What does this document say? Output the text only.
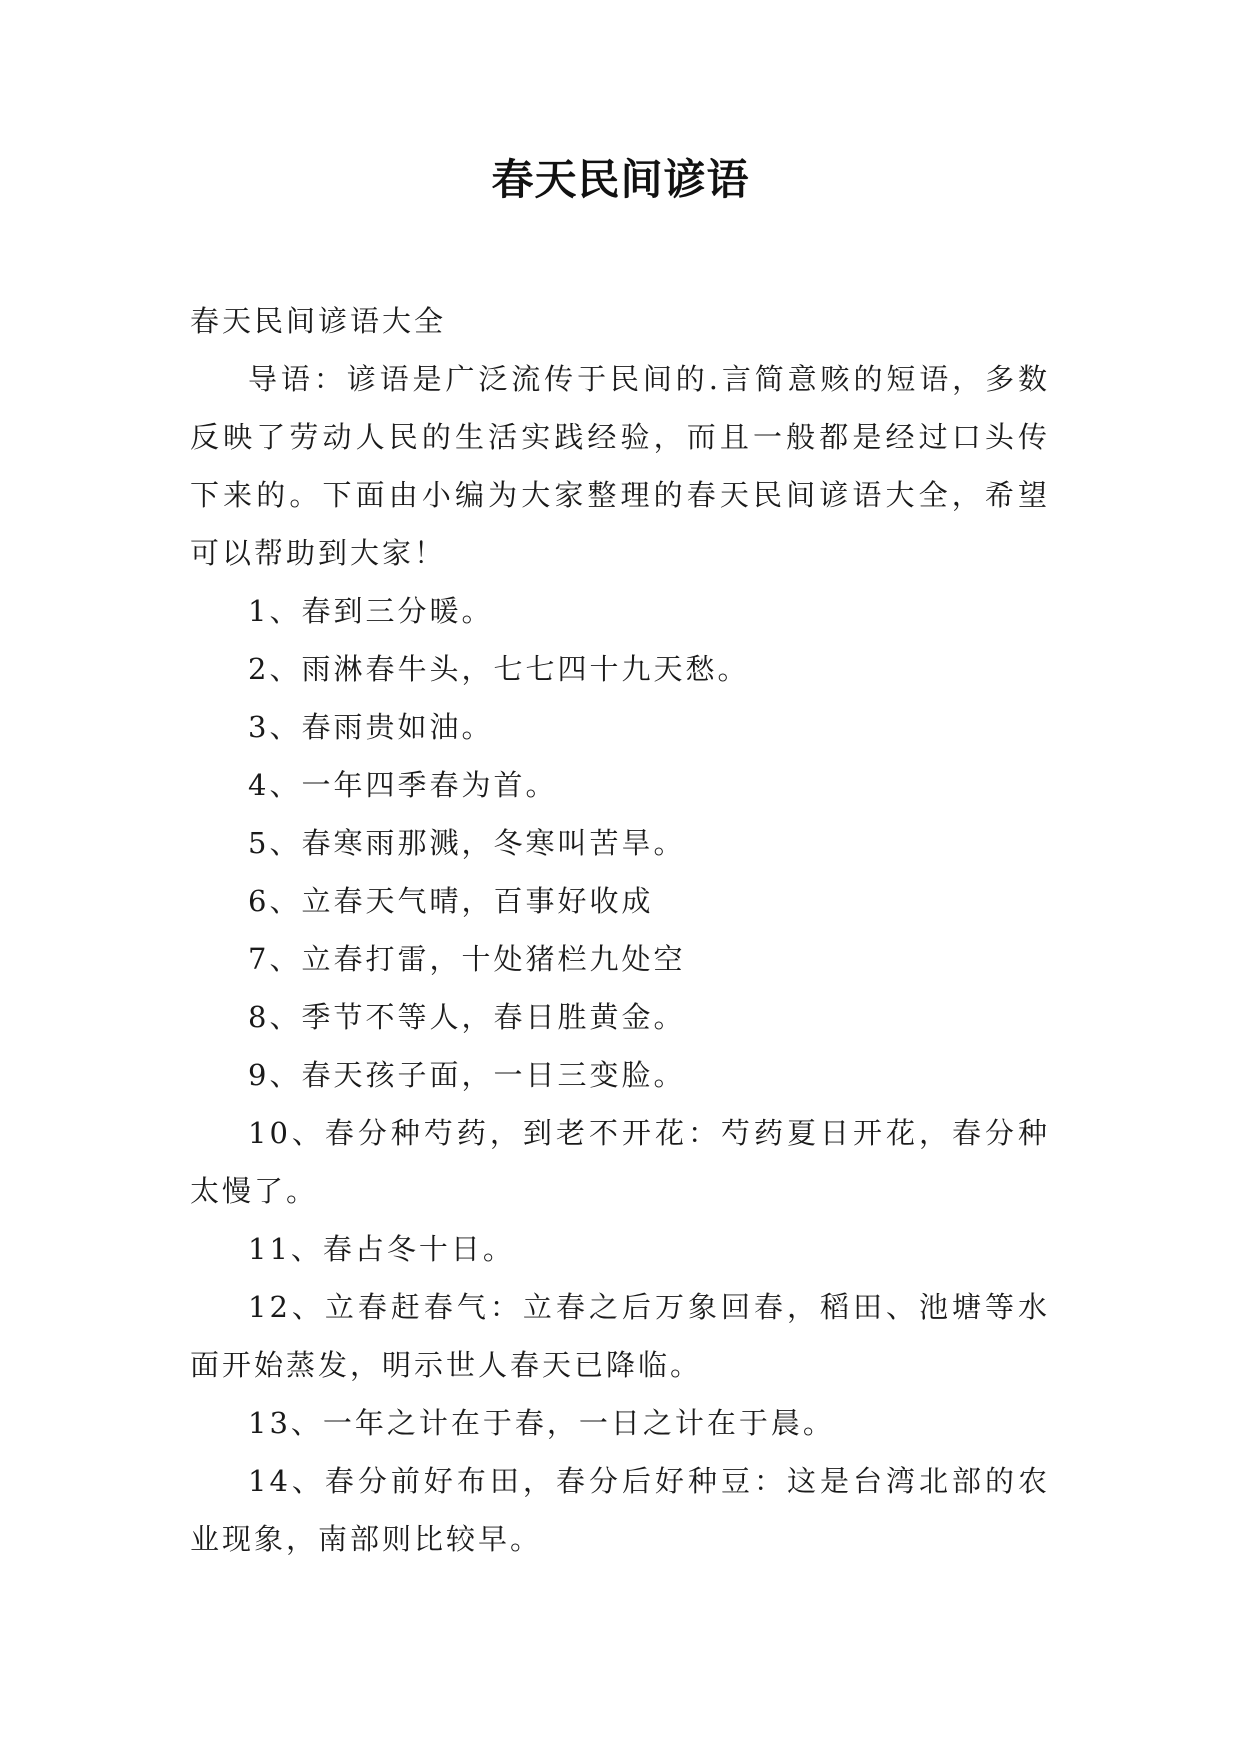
春天民间谚语

春天民间谚语大全

导语：谚语是广泛流传于民间的.言简意赅的短语，多数反映了劳动人民的生活实践经验，而且一般都是经过口头传下来的。下面由小编为大家整理的春天民间谚语大全，希望可以帮助到大家！

1、春到三分暖。

2、雨淋春牛头，七七四十九天愁。

3、春雨贵如油。

4、一年四季春为首。

5、春寒雨那溅，冬寒叫苦旱。

6、立春天气晴，百事好收成

7、立春打雷，十处猪栏九处空

8、季节不等人，春日胜黄金。

9、春天孩子面，一日三变脸。

10、春分种芍药，到老不开花：芍药夏日开花，春分种太慢了。

11、春占冬十日。

12、立春赶春气：立春之后万象回春，稻田、池塘等水面开始蒸发，明示世人春天已降临。

13、一年之计在于春，一日之计在于晨。

14、春分前好布田，春分后好种豆：这是台湾北部的农业现象，南部则比较早。
